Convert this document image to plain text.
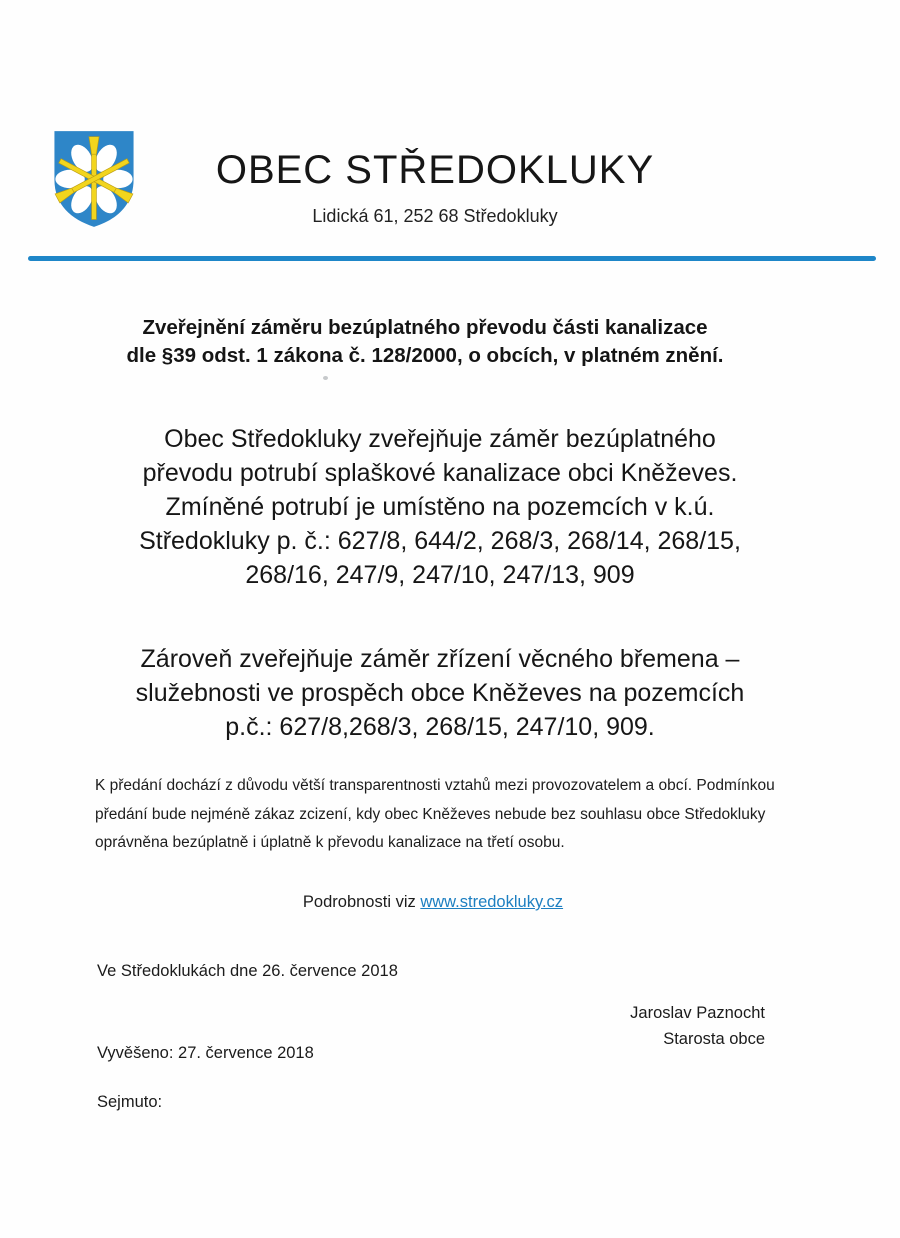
OBEC STŘEDOKLUKY
Lidická 61, 252 68 Středokluky
Zveřejnění záměru bezúplatného převodu části kanalizace
dle §39 odst. 1 zákona č. 128/2000, o obcích, v platném znění.
Obec Středokluky zveřejňuje záměr bezúplatného
převodu potrubí splaškové kanalizace obci Kněževes.
Zmíněné potrubí je umístěno na pozemcích v k.ú.
Středokluky p. č.: 627/8, 644/2, 268/3, 268/14, 268/15,
268/16, 247/9, 247/10, 247/13, 909
Zároveň zveřejňuje záměr zřízení věcného břemena –
služebnosti ve prospěch obce Kněževes na pozemcích
p.č.: 627/8,268/3, 268/15, 247/10, 909.
K předání dochází z důvodu větší transparentnosti vztahů mezi provozovatelem a obcí. Podmínkou
předání bude nejméně zákaz zcizení, kdy obec Kněževes nebude bez souhlasu obce Středokluky
oprávněna bezúplatně i úplatně k převodu kanalizace na třetí osobu.
Podrobnosti viz www.stredokluky.cz
Ve Středoklukách dne 26. července 2018
Jaroslav Paznocht
Starosta obce
Vyvěšeno: 27. července 2018
Sejmuto:
